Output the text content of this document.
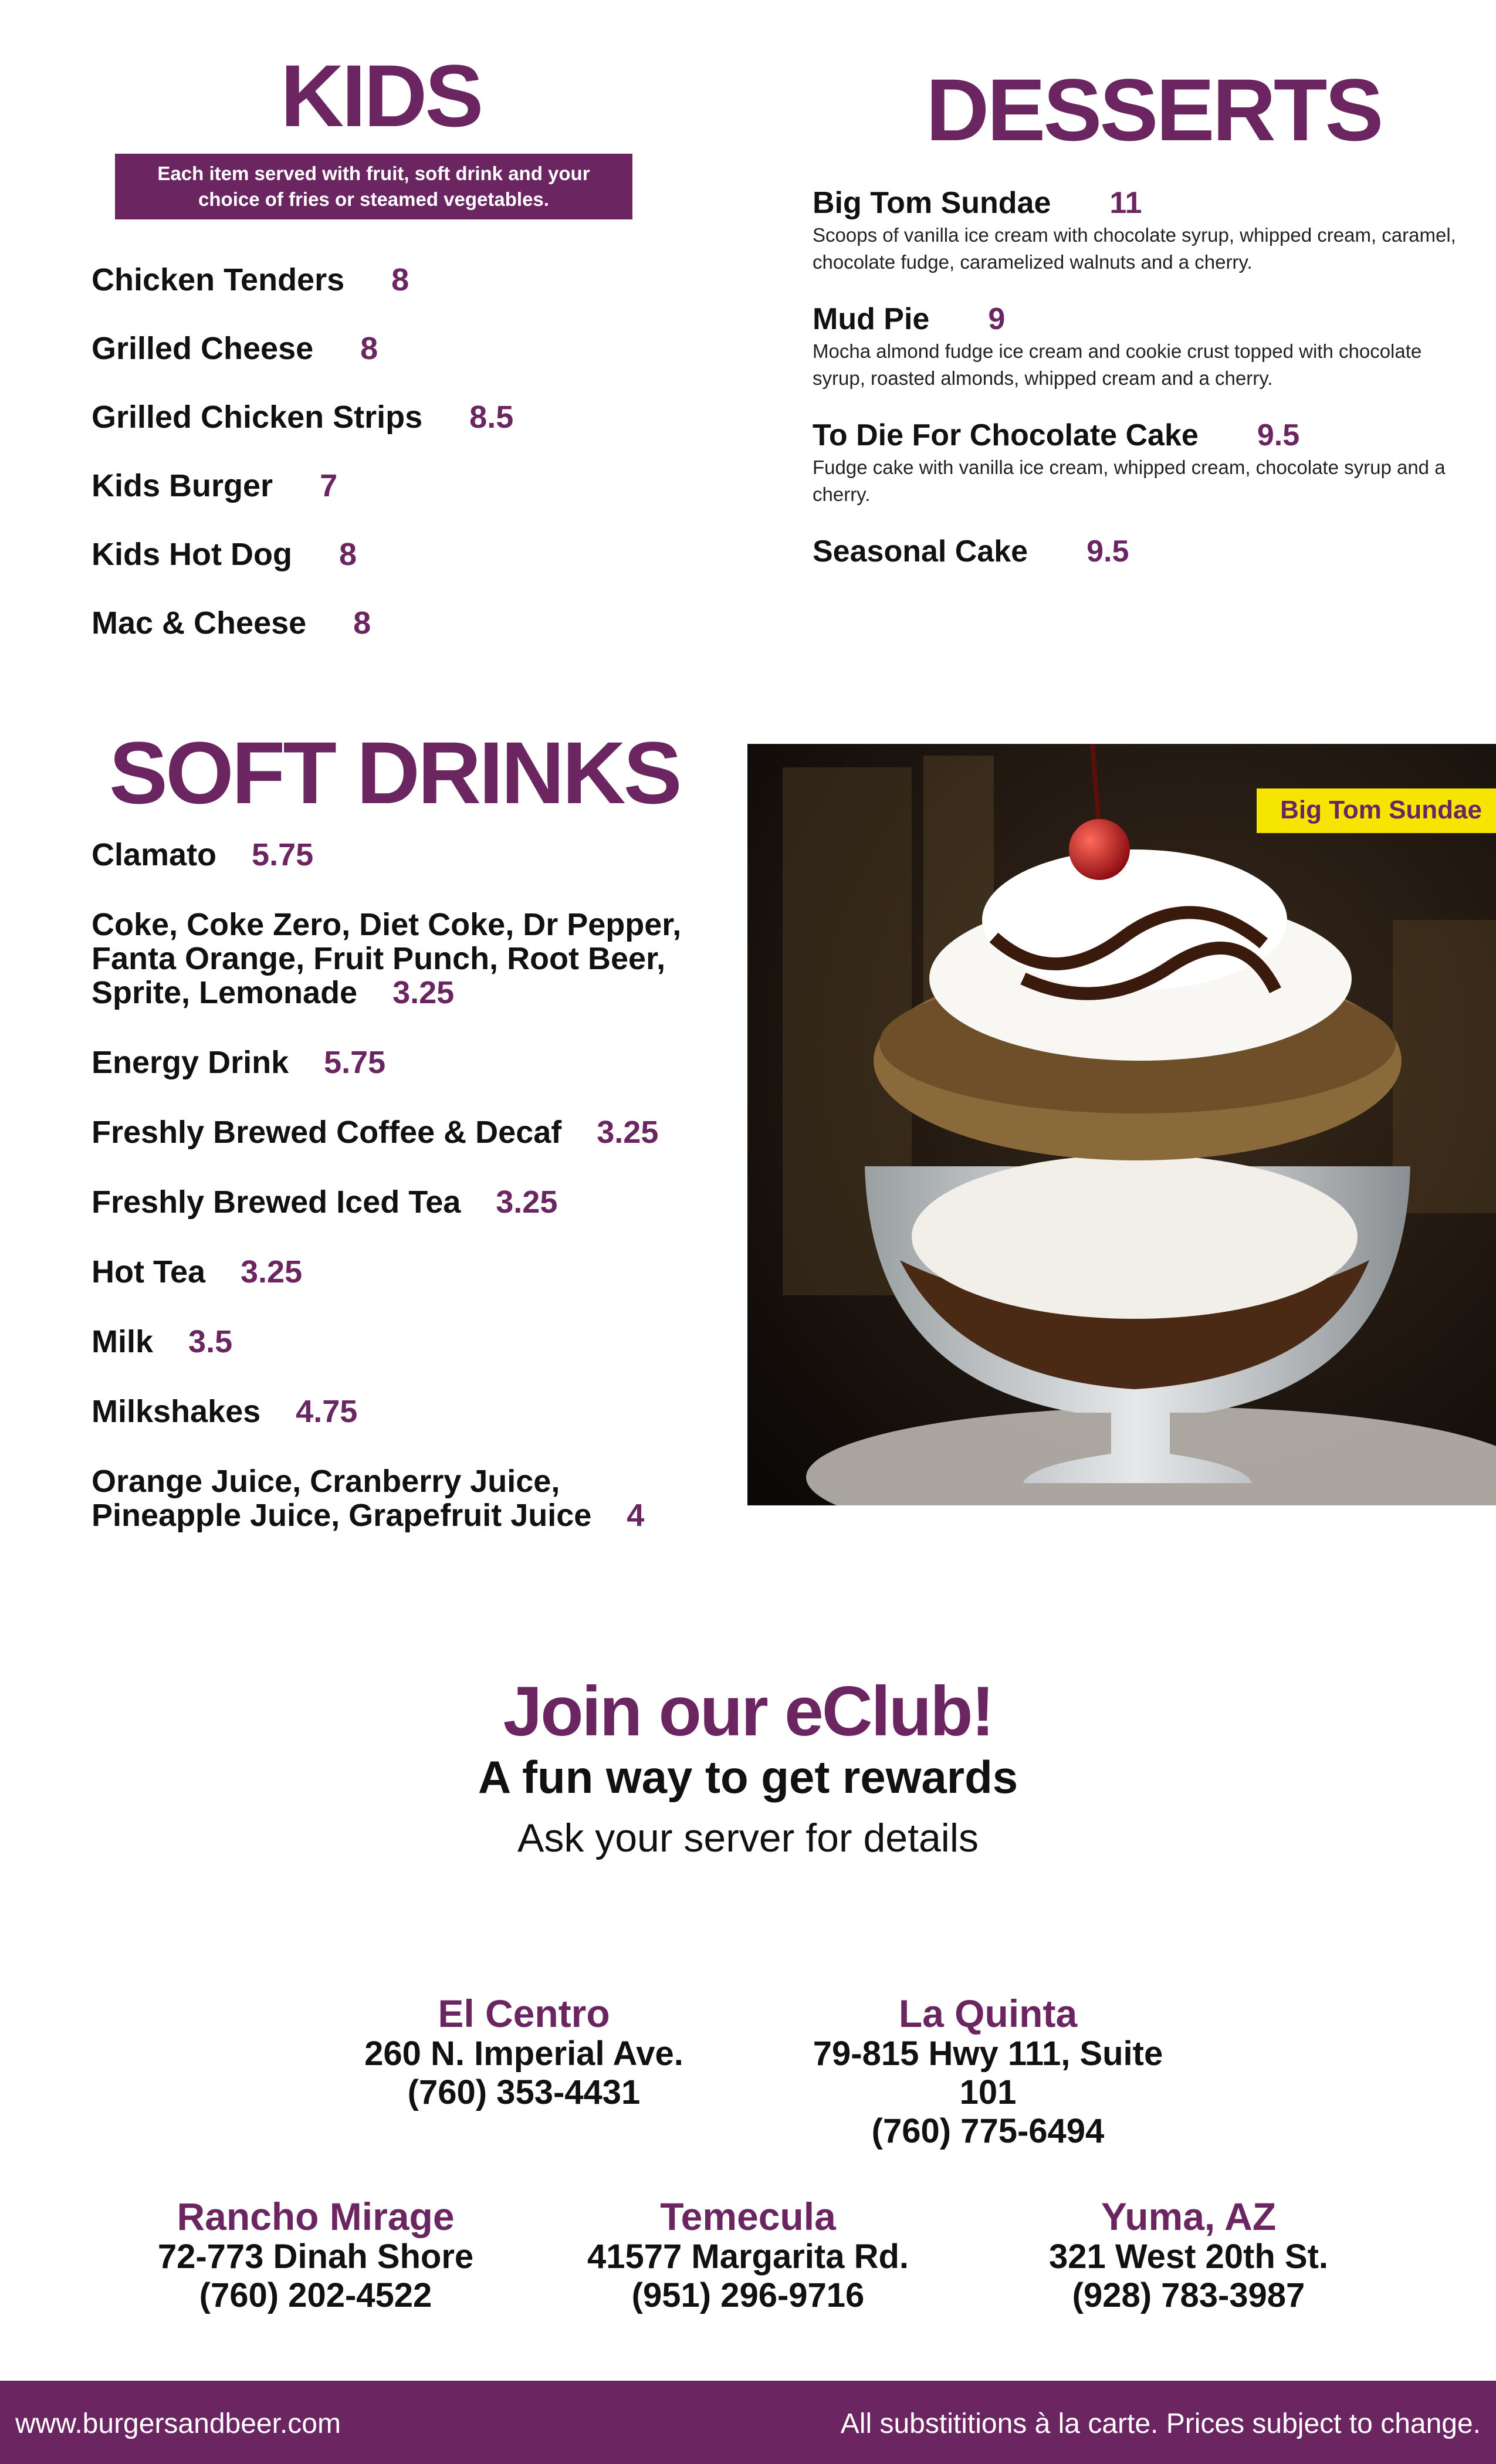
KIDS
Each item served with fruit, soft drink and your choice of fries or steamed vegetables.
Chicken Tenders 8
Grilled Cheese 8
Grilled Chicken Strips 8.5
Kids Burger 7
Kids Hot Dog 8
Mac & Cheese 8
DESSERTS
Big Tom Sundae 11
Scoops of vanilla ice cream with chocolate syrup, whipped cream, caramel, chocolate fudge, caramelized walnuts and a cherry.
Mud Pie 9
Mocha almond fudge ice cream and cookie crust topped with chocolate syrup, roasted almonds, whipped cream and a cherry.
To Die For Chocolate Cake 9.5
Fudge cake with vanilla ice cream, whipped cream, chocolate syrup and a cherry.
Seasonal Cake 9.5
SOFT DRINKS
Clamato 5.75
Coke, Coke Zero, Diet Coke, Dr Pepper, Fanta Orange, Fruit Punch, Root Beer, Sprite, Lemonade 3.25
Energy Drink 5.75
Freshly Brewed Coffee & Decaf 3.25
Freshly Brewed Iced Tea 3.25
Hot Tea 3.25
Milk 3.5
Milkshakes 4.75
Orange Juice, Cranberry Juice, Pineapple Juice, Grapefruit Juice 4
Big Tom Sundae
Join our eClub!
A fun way to get rewards
Ask your server for details
El Centro
260 N. Imperial Ave.
(760) 353-4431
La Quinta
79-815 Hwy 111, Suite 101
(760) 775-6494
Rancho Mirage
72-773 Dinah Shore
(760) 202-4522
Temecula
41577 Margarita Rd.
(951) 296-9716
Yuma, AZ
321 West 20th St.
(928) 783-3987
www.burgersandbeer.com	All substititions à la carte. Prices subject to change.
